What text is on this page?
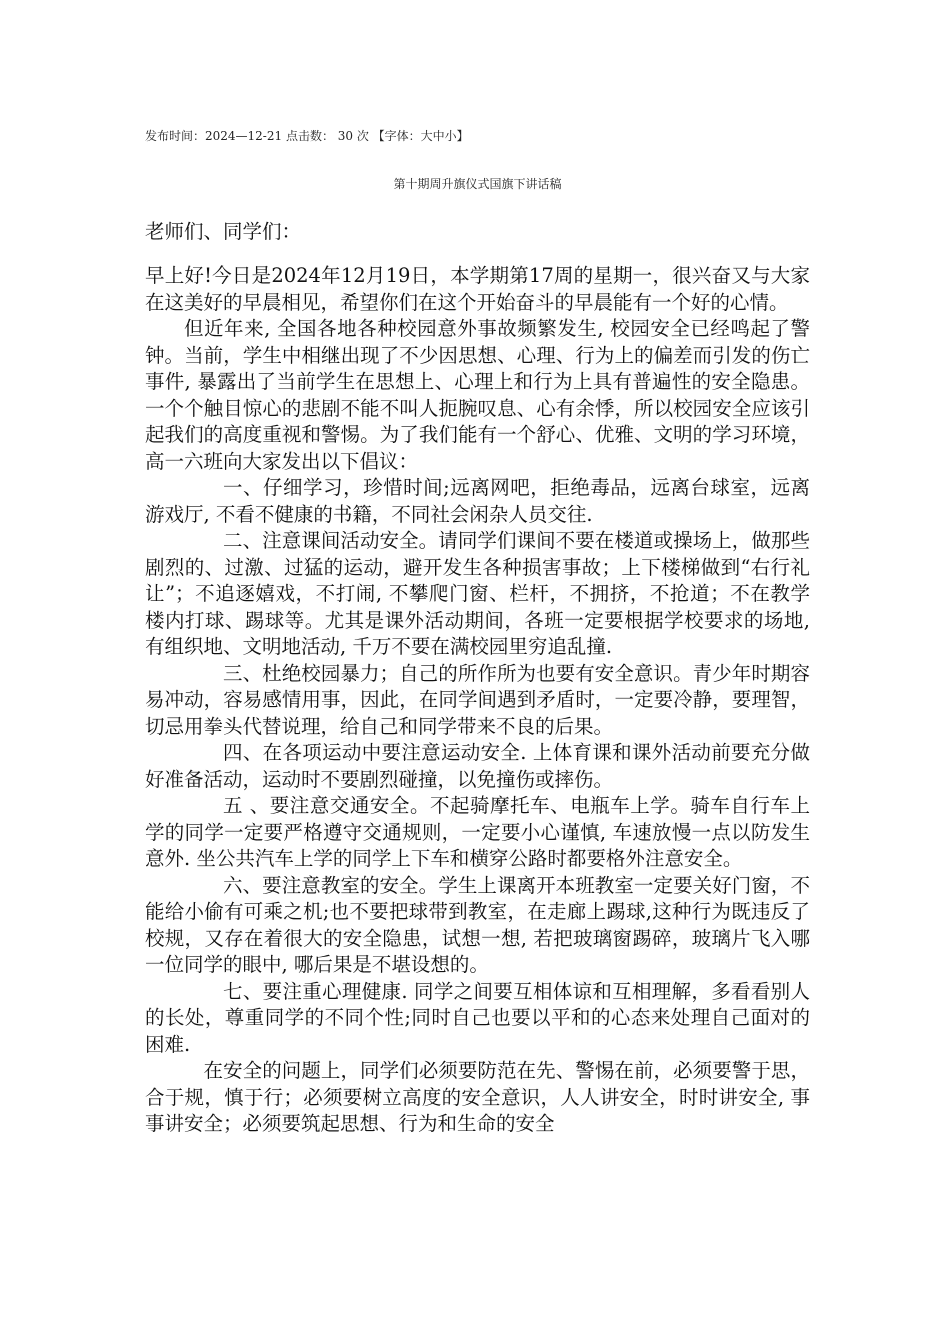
发布时间：2024—12-21 点击数： 30 次 【字体：大中小】
第十期周升旗仪式国旗下讲话稿
老师们、同学们：

早上好!今日是2024年12月19日，本学期第17周的星期一，很兴奋又与大家在这美好的早晨相见，希望你们在这个开始奋斗的早晨能有一个好的心情。

但近年来, 全国各地各种校园意外事故频繁发生, 校园安全已经鸣起了警钟。当前，学生中相继出现了不少因思想、心理、行为上的偏差而引发的伤亡事件, 暴露出了当前学生在思想上、心理上和行为上具有普遍性的安全隐患。一个个触目惊心的悲剧不能不叫人扼腕叹息、心有余悸，所以校园安全应该引起我们的高度重视和警惕。为了我们能有一个舒心、优雅、文明的学习环境，高一六班向大家发出以下倡议：

一、仔细学习，珍惜时间;远离网吧，拒绝毒品，远离台球室，远离游戏厅, 不看不健康的书籍，不同社会闲杂人员交往.

二、注意课间活动安全。请同学们课间不要在楼道或操场上，做那些剧烈的、过激、过猛的运动，避开发生各种损害事故；上下楼梯做到“右行礼让”；不追逐嬉戏，不打闹, 不攀爬门窗、栏杆，不拥挤，不抢道；不在教学楼内打球、踢球等。尤其是课外活动期间，各班一定要根据学校要求的场地, 有组织地、文明地活动, 千万不要在满校园里穷追乱撞.

三、杜绝校园暴力；自己的所作所为也要有安全意识。青少年时期容易冲动，容易感情用事，因此，在同学间遇到矛盾时，一定要冷静，要理智，切忌用拳头代替说理，给自己和同学带来不良的后果。

四、在各项运动中要注意运动安全. 上体育课和课外活动前要充分做好准备活动，运动时不要剧烈碰撞，以免撞伤或摔伤。

五 、要注意交通安全。不起骑摩托车、电瓶车上学。骑车自行车上学的同学一定要严格遵守交通规则，一定要小心谨慎, 车速放慢一点以防发生意外. 坐公共汽车上学的同学上下车和横穿公路时都要格外注意安全。

六、要注意教室的安全。学生上课离开本班教室一定要关好门窗，不能给小偷有可乘之机;也不要把球带到教室，在走廊上踢球,这种行为既违反了校规，又存在着很大的安全隐患，试想一想, 若把玻璃窗踢碎，玻璃片飞入哪一位同学的眼中, 哪后果是不堪设想的。

七、要注重心理健康. 同学之间要互相体谅和互相理解，多看看别人的长处，尊重同学的不同个性;同时自己也要以平和的心态来处理自己面对的困难.

在安全的问题上，同学们必须要防范在先、警惕在前，必须要警于思，合于规，慎于行；必须要树立高度的安全意识，人人讲安全，时时讲安全, 事事讲安全；必须要筑起思想、行为和生命的安全
